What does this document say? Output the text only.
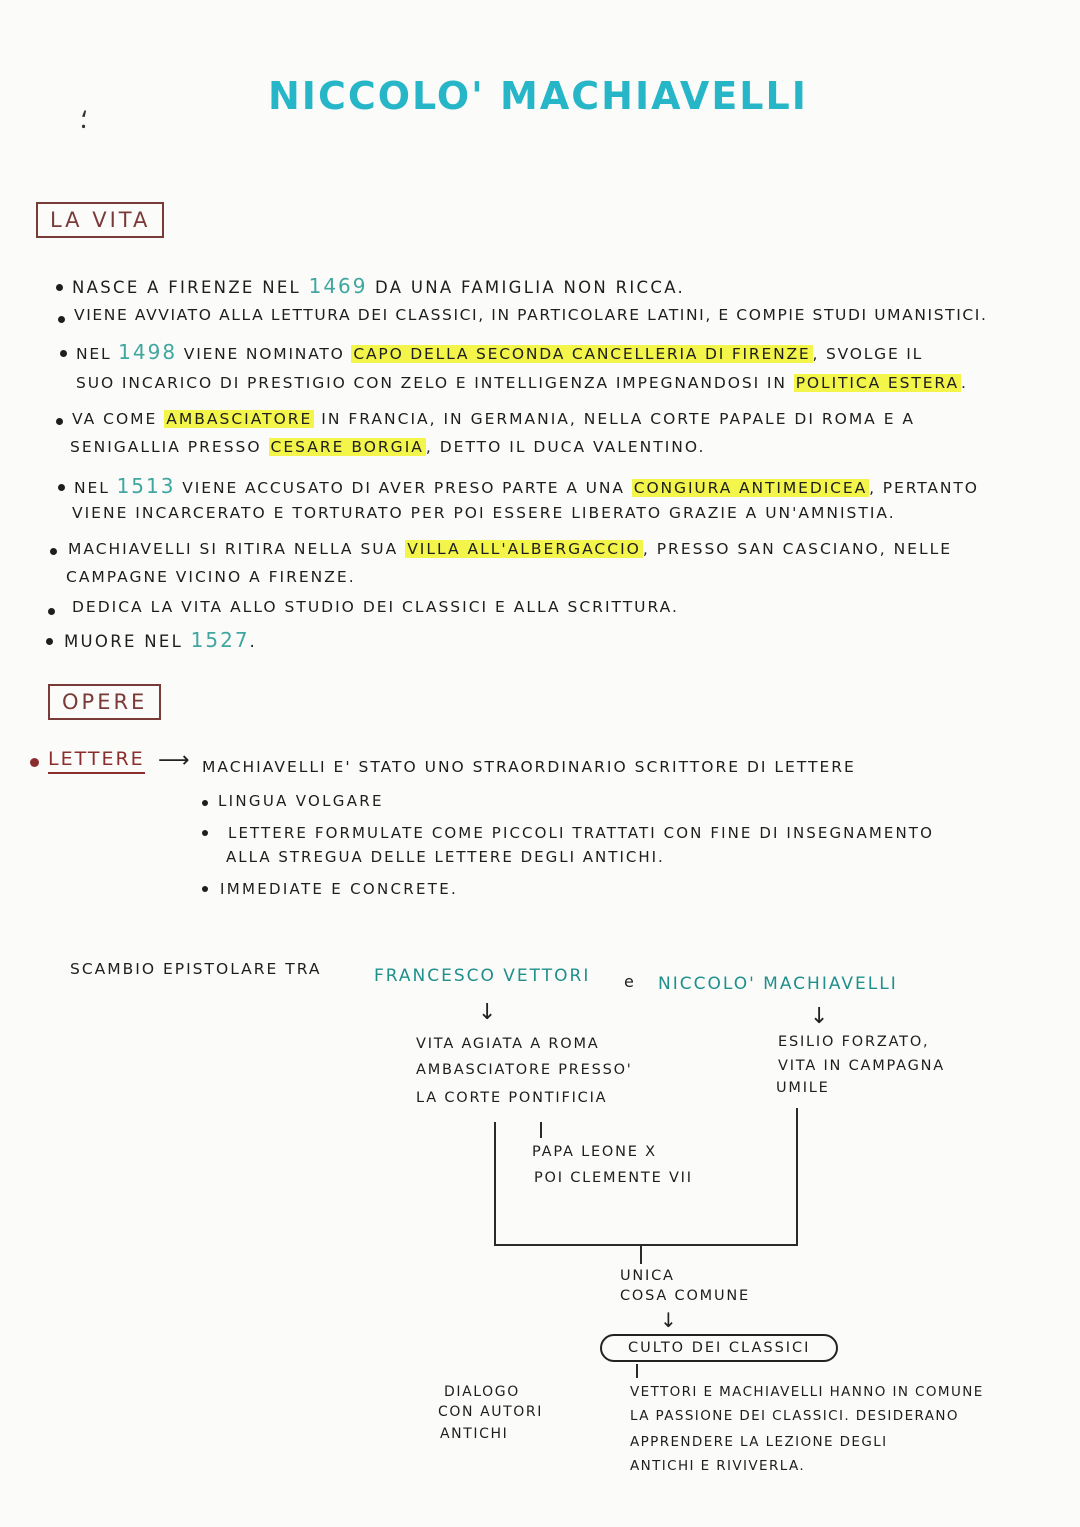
NICCOLO' MACHIAVELLI
⸵
LA VITA
NASCE A FIRENZE NEL 1469 DA UNA FAMIGLIA NON RICCA.
VIENE AVVIATO ALLA LETTURA DEI CLASSICI, IN PARTICOLARE LATINI, E COMPIE STUDI UMANISTICI.
NEL 1498 VIENE NOMINATO CAPO DELLA SECONDA CANCELLERIA DI FIRENZE , SVOLGE IL
SUO INCARICO DI PRESTIGIO CON ZELO E INTELLIGENZA IMPEGNANDOSI IN POLITICA ESTERA .
VA COME AMBASCIATORE IN FRANCIA, IN GERMANIA, NELLA CORTE PAPALE DI ROMA E A
SENIGALLIA PRESSO CESARE BORGIA , DETTO IL DUCA VALENTINO.
NEL 1513 VIENE ACCUSATO DI AVER PRESO PARTE A UNA CONGIURA ANTIMEDICEA , PERTANTO
VIENE INCARCERATO E TORTURATO PER POI ESSERE LIBERATO GRAZIE A UN'AMNISTIA.
MACHIAVELLI SI RITIRA NELLA SUA VILLA ALL'ALBERGACCIO , PRESSO SAN CASCIANO, NELLE
CAMPAGNE VICINO A FIRENZE.
DEDICA LA VITA ALLO STUDIO DEI CLASSICI E ALLA SCRITTURA.
MUORE NEL 1527.
OPERE
LETTERE ⟶ MACHIAVELLI E' STATO UNO STRAORDINARIO SCRITTORE DI LETTERE
LINGUA VOLGARE
LETTERE FORMULATE COME PICCOLI TRATTATI CON FINE DI INSEGNAMENTO
ALLA STREGUA DELLE LETTERE DEGLI ANTICHI.
IMMEDIATE E CONCRETE.
SCAMBIO EPISTOLARE TRA	FRANCESCO VETTORI e NICCOLO' MACHIAVELLI
↓	↓
VITA AGIATA A ROMA
AMBASCIATORE PRESSO'
LA CORTE PONTIFICIA
ESILIO FORZATO,
VITA IN CAMPAGNA
UMILE
PAPA LEONE X
POI CLEMENTE VII
UNICA
COSA COMUNE
↓
CULTO DEI CLASSICI
DIALOGO
CON AUTORI
ANTICHI
VETTORI E MACHIAVELLI HANNO IN COMUNE
LA PASSIONE DEI CLASSICI. DESIDERANO
APPRENDERE LA LEZIONE DEGLI
ANTICHI E RIVIVERLA.
